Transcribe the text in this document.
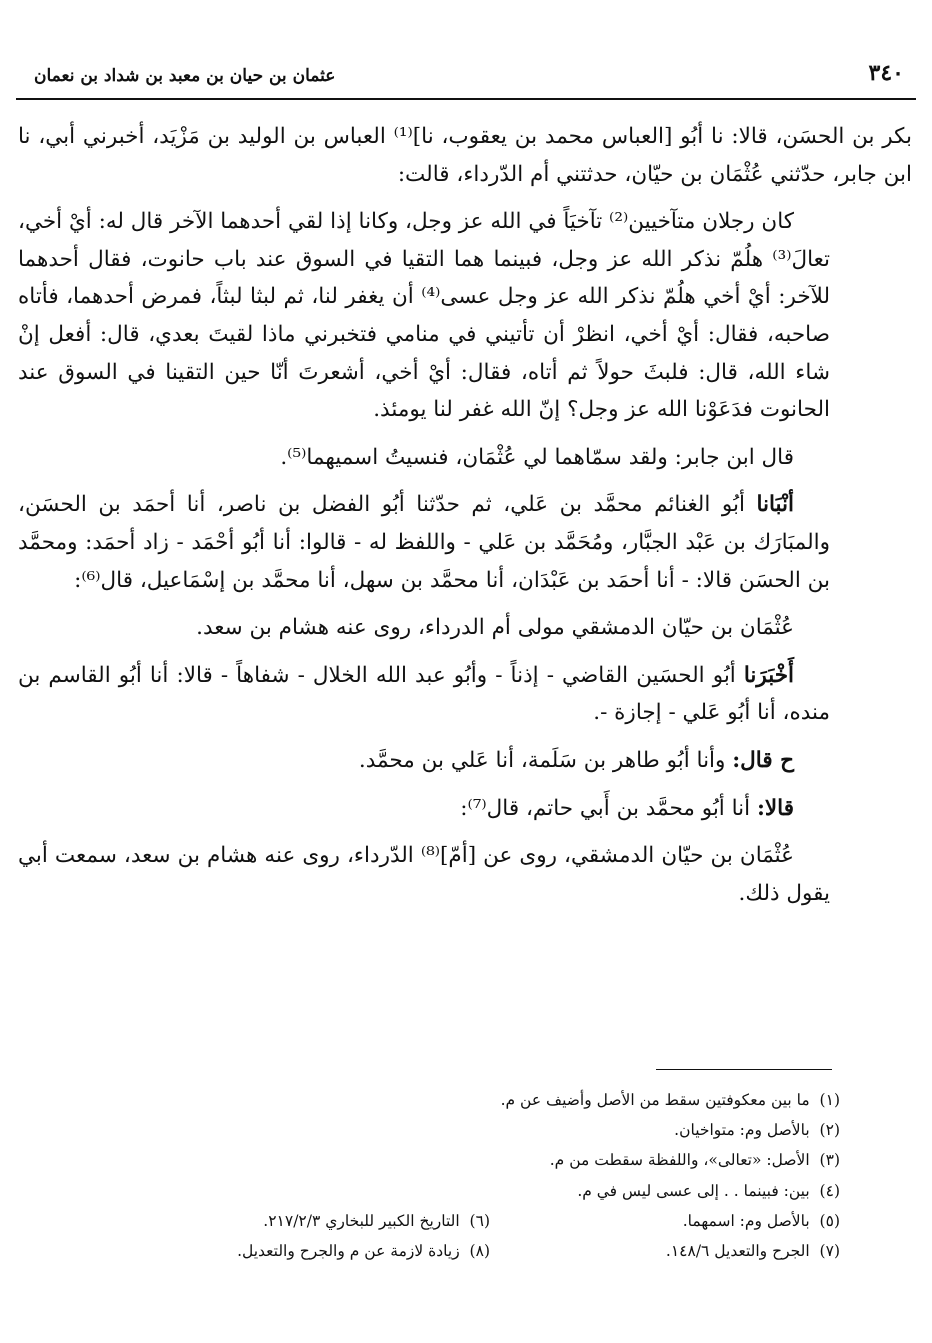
٣٤٠
عثمان بن حيان بن معبد بن شداد بن نعمان

بكر بن الحسَن، قالا: نا أبُو [العباس محمد بن يعقوب، نا]⁽¹⁾ العباس بن الوليد بن مَزْيَد، أخبرني أبي، نا ابن جابر، حدّثني عُثْمَان بن حيّان، حدثتني أم الدّرداء، قالت:

كان رجلان متآخيين⁽²⁾ تآخيَاً في الله عز وجل، وكانا إذا لقي أحدهما الآخر قال له: أيْ أخي، تعالَ⁽³⁾ هلُمّ نذكر الله عز وجل، فبينما هما التقيا في السوق عند باب حانوت، فقال أحدهما للآخر: أيْ أخي هلُمّ نذكر الله عز وجل عسى⁽⁴⁾ أن يغفر لنا، ثم لبثا لبثاً، فمرض أحدهما، فأتاه صاحبه، فقال: أيْ أخي، انظرْ أن تأتيني في منامي فتخبرني ماذا لقيتَ بعدي، قال: أفعل إنْ شاء الله، قال: فلبثَ حولاً ثم أتاه، فقال: أيْ أخي، أشعرتَ أنّا حين التقينا في السوق عند الحانوت فدَعَوْنا الله عز وجل؟ إنّ الله غفر لنا يومئذ.

قال ابن جابر: ولقد سمّاهما لي عُثْمَان، فنسيتُ اسميهما⁽⁵⁾.

أنْبَانا أبُو الغنائم محمَّد بن عَلي، ثم حدّثنا أبُو الفضل بن ناصر، أنا أحمَد بن الحسَن، والمبَارَك بن عَبْد الجبَّار، ومُحَمَّد بن عَلي - واللفظ له - قالوا: أنا أبُو أحْمَد - زاد أحمَد: ومحمَّد بن الحسَن قالا: - أنا أحمَد بن عَبْدَان، أنا محمَّد بن سهل، أنا محمَّد بن إسْمَاعيل، قال⁽⁶⁾:

عُثْمَان بن حيّان الدمشقي مولى أم الدرداء، روى عنه هشام بن سعد.

أَخْبَرَنا أبُو الحسَين القاضي - إذناً - وأبُو عبد الله الخلال - شفاهاً - قالا: أنا أبُو القاسم بن منده، أنا أبُو عَلي - إجازة -.

ح قال: وأنا أبُو طاهر بن سَلَمة، أنا عَلي بن محمَّد.

قالا: أنا أبُو محمَّد بن أَبي حاتم، قال⁽⁷⁾:

عُثْمَان بن حيّان الدمشقي، روى عن [أمّ]⁽⁸⁾ الدّرداء، روى عنه هشام بن سعد، سمعت أبي يقول ذلك.

(١)  ما بين معكوفتين سقط من الأصل وأضيف عن م.
(٢)  بالأصل وم: متواخيان.
(٣)  الأصل: «تعالى»، واللفظة سقطت من م.
(٤)  بين: فبينما . . إلى عسى ليس في م.
(٥)  بالأصل وم: اسمهما.
(٦)  التاريخ الكبير للبخاري ٢١٧/٢/٣.
(٧)  الجرح والتعديل ١٤٨/٦.
(٨)  زيادة لازمة عن م والجرح والتعديل.
